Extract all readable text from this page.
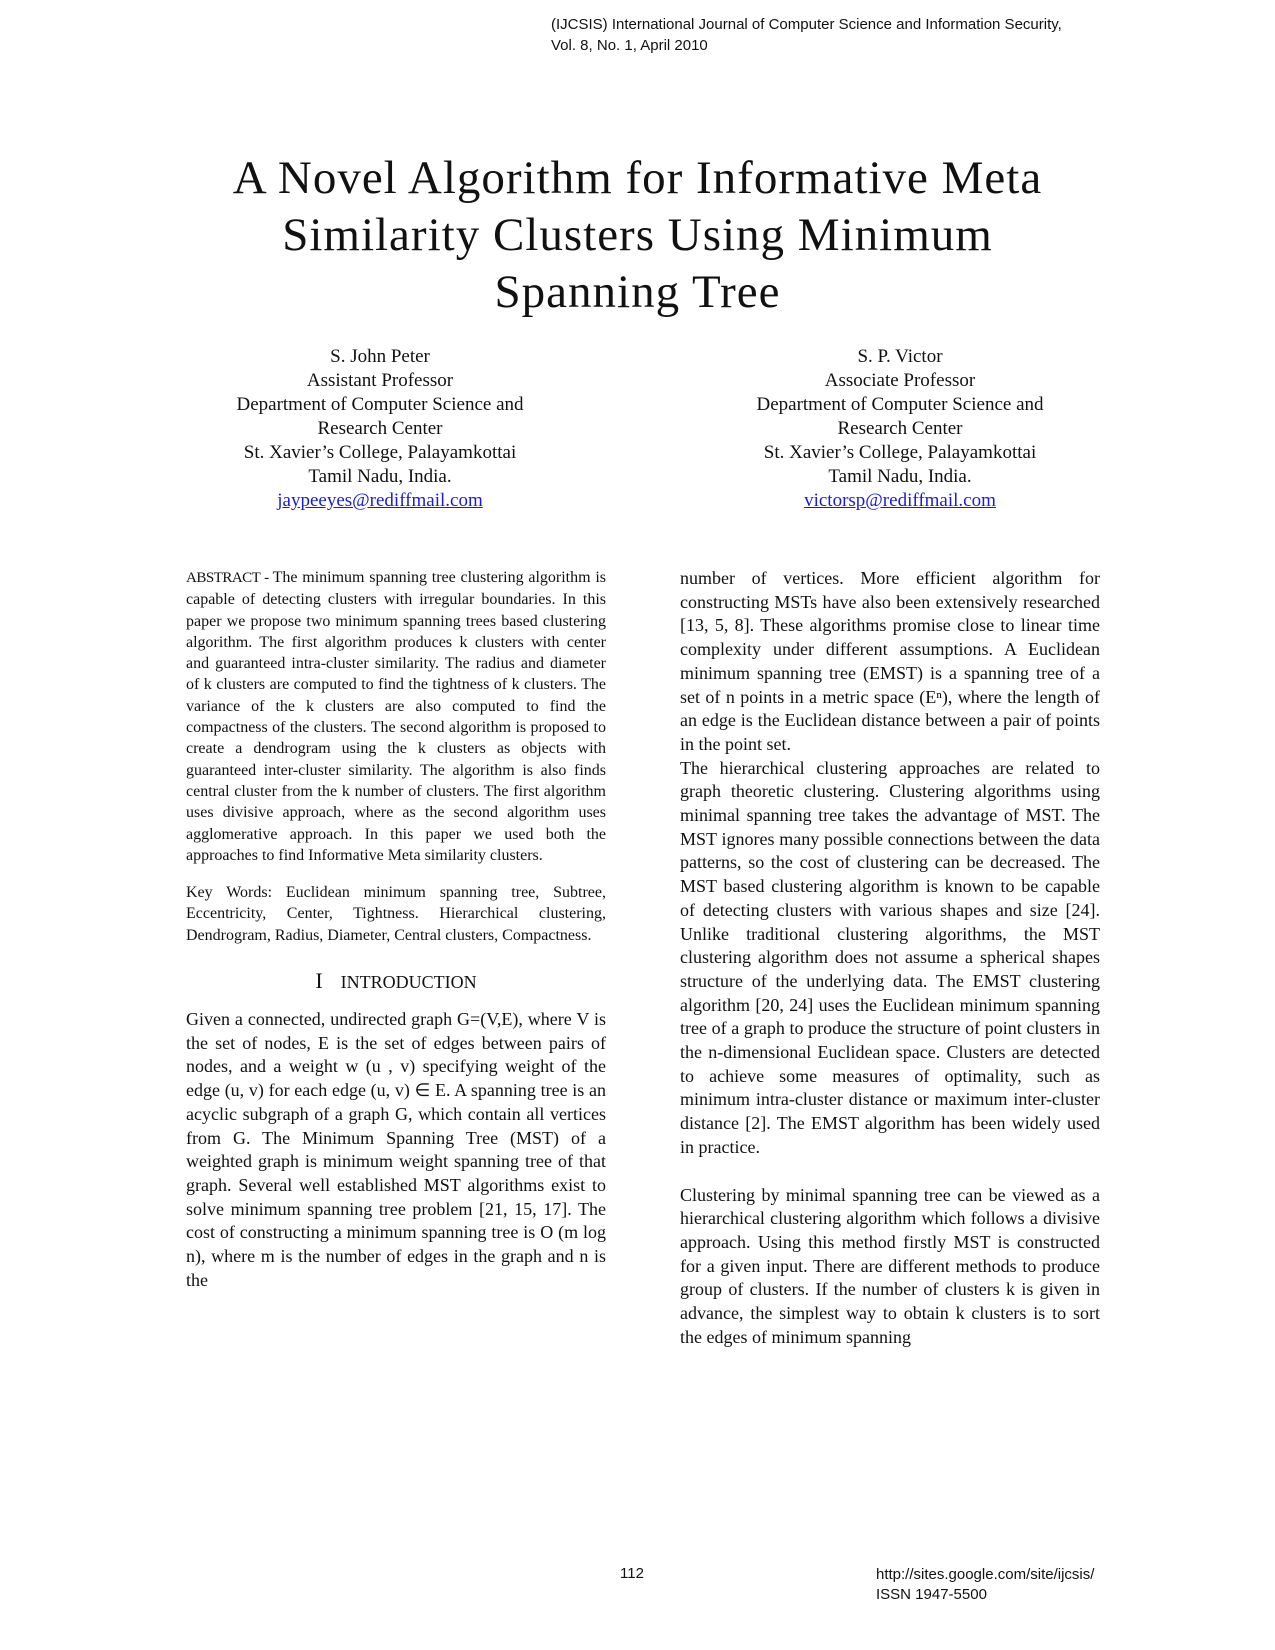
(IJCSIS) International Journal of Computer Science and Information Security,
Vol. 8, No. 1, April 2010
A Novel Algorithm for Informative Meta
Similarity Clusters Using Minimum
Spanning Tree
S. John Peter
Assistant Professor
Department of Computer Science and
Research Center
St. Xavier’s College, Palayamkottai
Tamil Nadu, India.
jaypeeyes@rediffmail.com
S. P. Victor
Associate Professor
Department of Computer Science and
Research Center
St. Xavier’s College, Palayamkottai
Tamil Nadu, India.
victorsp@rediffmail.com

ABSTRACT - The minimum spanning tree clustering algorithm is capable of detecting clusters with irregular boundaries. In this paper we propose two minimum spanning trees based clustering algorithm. The first algorithm produces k clusters with center and guaranteed intra-cluster similarity. The radius and diameter of k clusters are computed to find the tightness of k clusters. The variance of the k clusters are also computed to find the compactness of the clusters. The second algorithm is proposed to create a dendrogram using the k clusters as objects with guaranteed inter-cluster similarity. The algorithm is also finds central cluster from the k number of clusters. The first algorithm uses divisive approach, where as the second algorithm uses agglomerative approach. In this paper we used both the approaches to find Informative Meta similarity clusters.

Key Words: Euclidean minimum spanning tree, Subtree, Eccentricity, Center, Tightness. Hierarchical clustering, Dendrogram, Radius, Diameter, Central clusters, Compactness.

I INTRODUCTION

Given a connected, undirected graph G=(V,E), where V is the set of nodes, E is the set of edges between pairs of nodes, and a weight w (u , v) specifying weight of the edge (u, v) for each edge (u, v) ∈ E. A spanning tree is an acyclic subgraph of a graph G, which contain all vertices from G. The Minimum Spanning Tree (MST) of a weighted graph is minimum weight spanning tree of that graph. Several well established MST algorithms exist to solve minimum spanning tree problem [21, 15, 17]. The cost of constructing a minimum spanning tree is O (m log n), where m is the number of edges in the graph and n is the

number of vertices. More efficient algorithm for constructing MSTs have also been extensively researched [13, 5, 8]. These algorithms promise close to linear time complexity under different assumptions. A Euclidean minimum spanning tree (EMST) is a spanning tree of a set of n points in a metric space (Eⁿ), where the length of an edge is the Euclidean distance between a pair of points in the point set.

The hierarchical clustering approaches are related to graph theoretic clustering. Clustering algorithms using minimal spanning tree takes the advantage of MST. The MST ignores many possible connections between the data patterns, so the cost of clustering can be decreased. The MST based clustering algorithm is known to be capable of detecting clusters with various shapes and size [24]. Unlike traditional clustering algorithms, the MST clustering algorithm does not assume a spherical shapes structure of the underlying data. The EMST clustering algorithm [20, 24] uses the Euclidean minimum spanning tree of a graph to produce the structure of point clusters in the n-dimensional Euclidean space. Clusters are detected to achieve some measures of optimality, such as minimum intra-cluster distance or maximum inter-cluster distance [2]. The EMST algorithm has been widely used in practice.

Clustering by minimal spanning tree can be viewed as a hierarchical clustering algorithm which follows a divisive approach. Using this method firstly MST is constructed for a given input. There are different methods to produce group of clusters. If the number of clusters k is given in advance, the simplest way to obtain k clusters is to sort the edges of minimum spanning

112	http://sites.google.com/site/ijcsis/
ISSN 1947-5500
